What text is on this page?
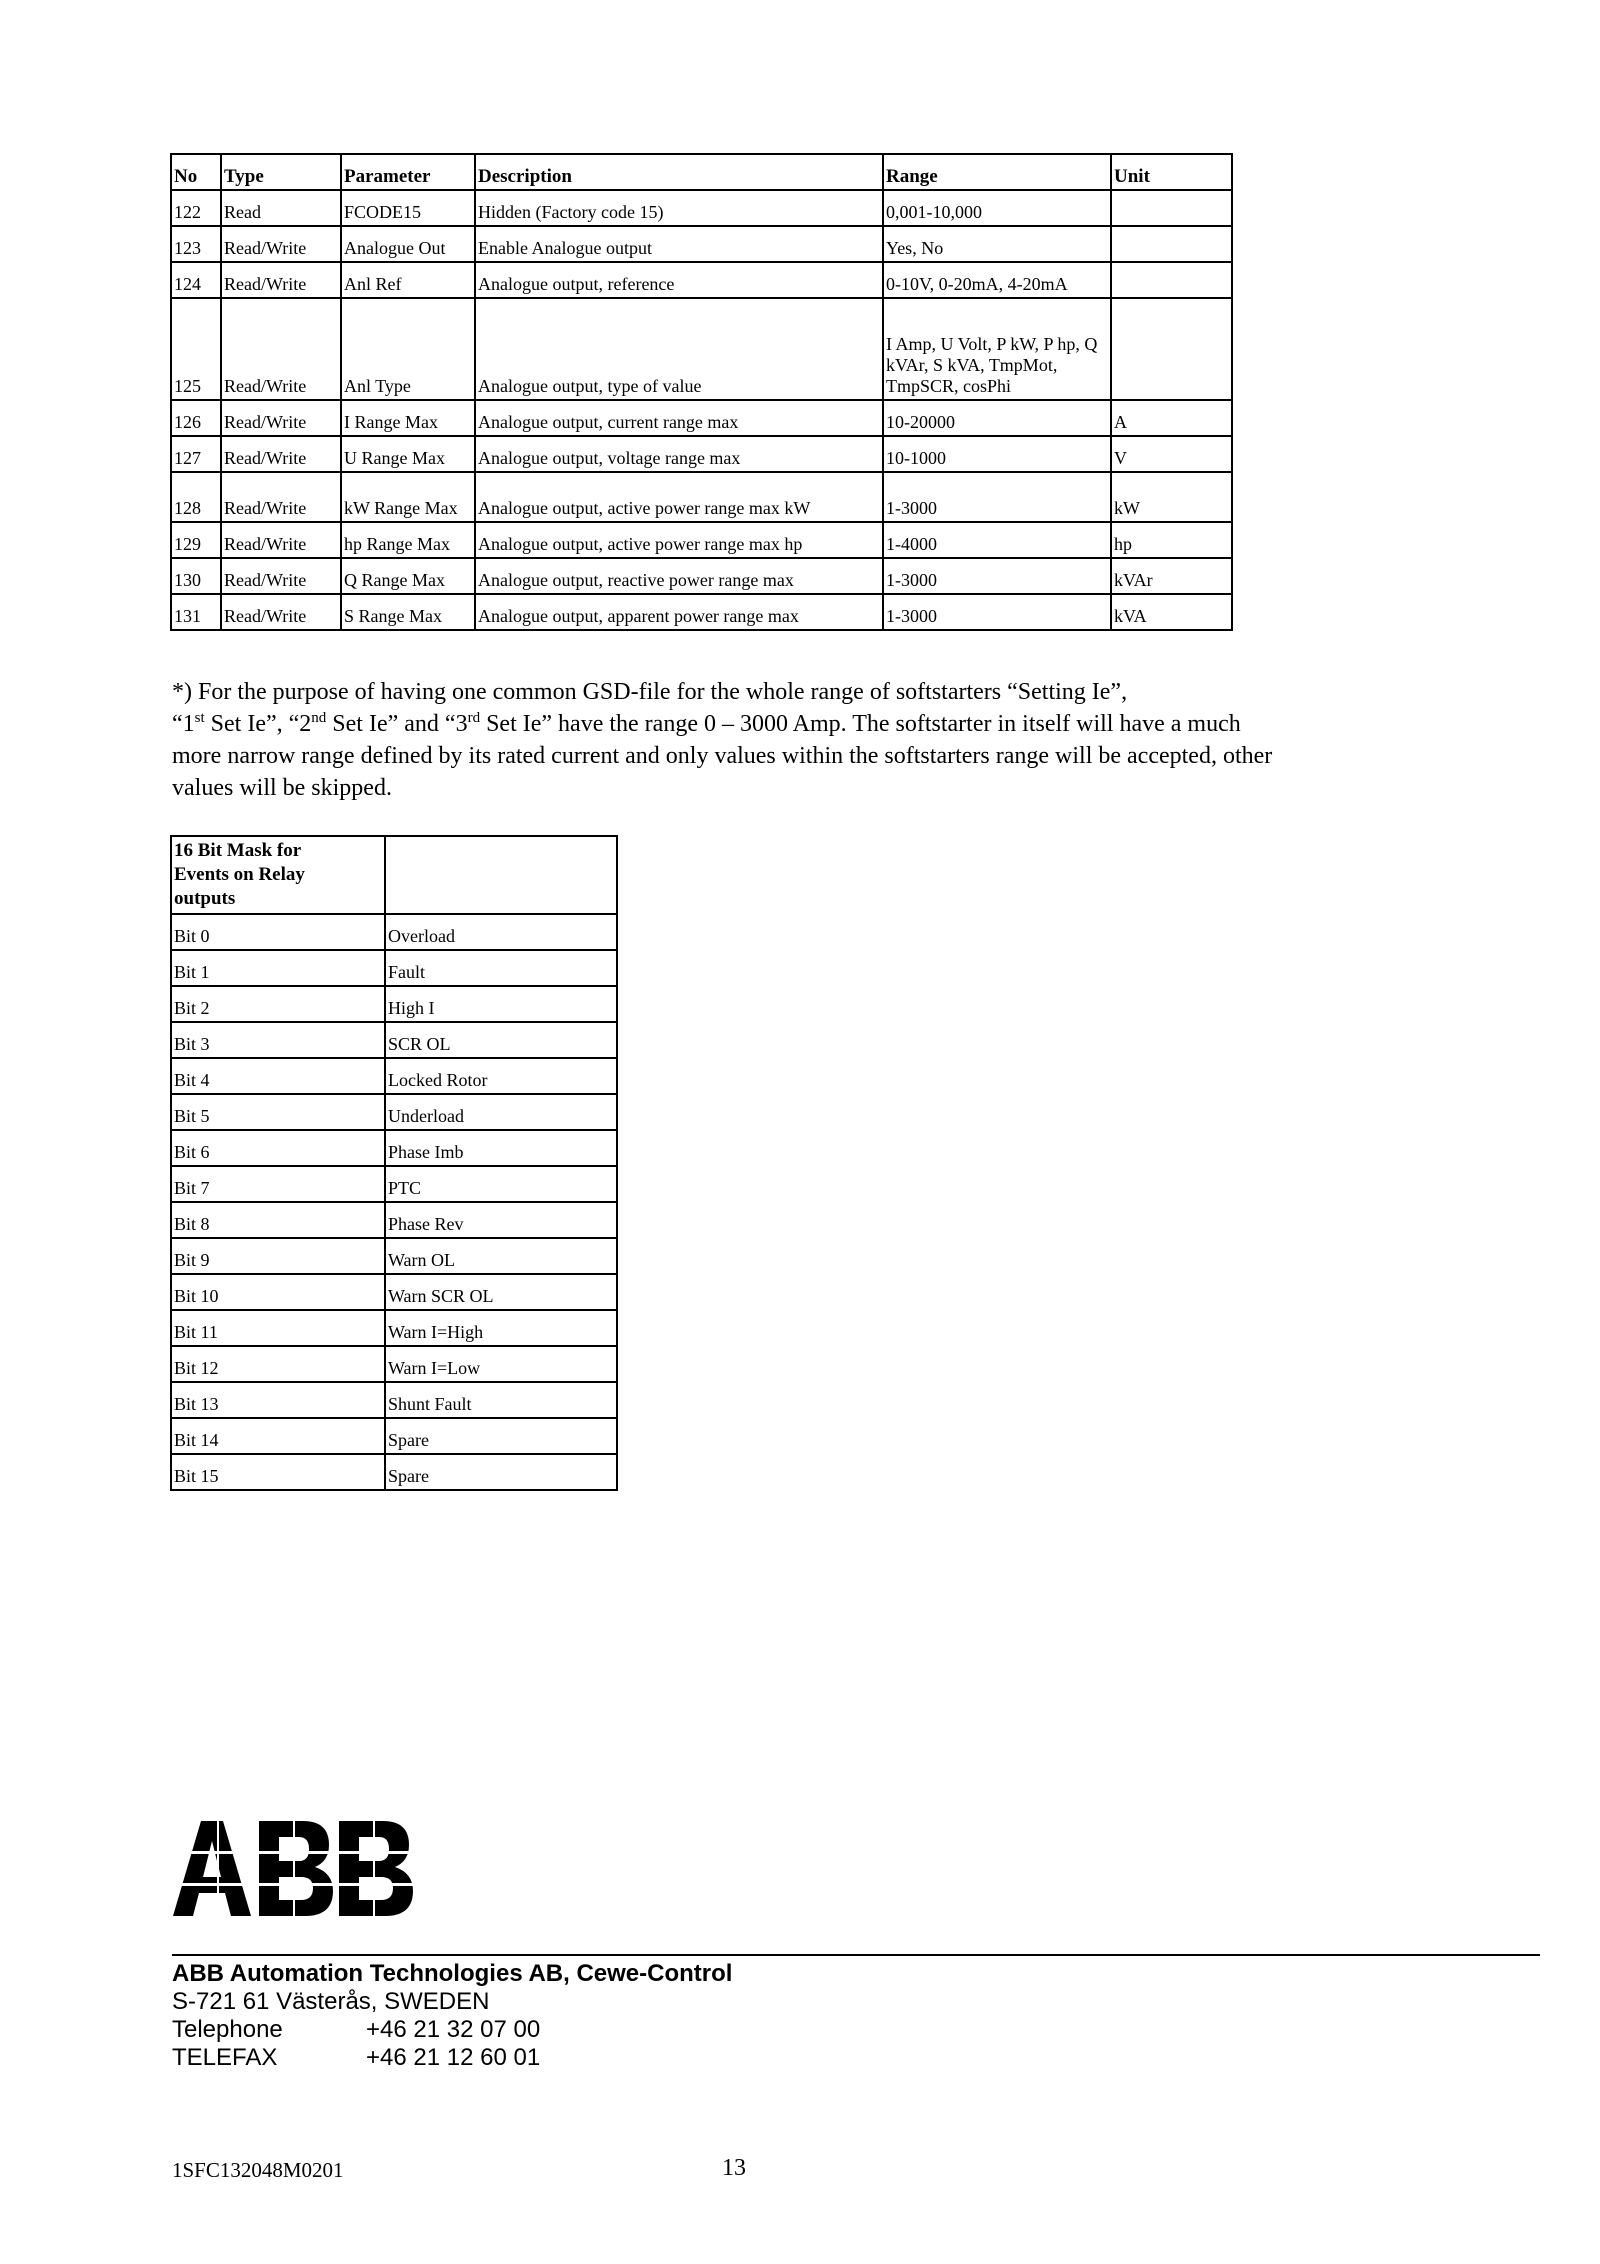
No	Type	Parameter	Description	Range	Unit
122	Read	FCODE15	Hidden (Factory code 15)	0,001-10,000	
123	Read/Write	Analogue Out	Enable Analogue output	Yes, No	
124	Read/Write	Anl Ref	Analogue output, reference	0-10V, 0-20mA, 4-20mA	
125	Read/Write	Anl Type	Analogue output, type of value	I Amp, U Volt, P kW, P hp, Q kVAr, S kVA, TmpMot, TmpSCR, cosPhi	
126	Read/Write	I Range Max	Analogue output, current range max	10-20000	A
127	Read/Write	U Range Max	Analogue output, voltage range max	10-1000	V
128	Read/Write	kW Range Max	Analogue output, active power range max kW	1-3000	kW
129	Read/Write	hp Range Max	Analogue output, active power range max hp	1-4000	hp
130	Read/Write	Q Range Max	Analogue output, reactive power range max	1-3000	kVAr
131	Read/Write	S Range Max	Analogue output, apparent power range max	1-3000	kVA

*) For the purpose of having one common GSD-file for the whole range of softstarters “Setting Ie”,

“1st Set Ie”, “2nd Set Ie” and “3rd Set Ie” have the range 0 – 3000 Amp. The softstarter in itself will have a much

more narrow range defined by its rated current and only values within the softstarters range will be accepted, other

values will be skipped.

16 Bit Mask for
Events on Relay
outputs	

Bit 0	Overload
Bit 1	Fault
Bit 2	High I
Bit 3	SCR OL
Bit 4	Locked Rotor
Bit 5	Underload
Bit 6	Phase Imb
Bit 7	PTC
Bit 8	Phase Rev
Bit 9	Warn OL
Bit 10	Warn SCR OL
Bit 11	Warn I=High
Bit 12	Warn I=Low
Bit 13	Shunt Fault
Bit 14	Spare
Bit 15	Spare
ABB
ABB Automation Technologies AB, Cewe-Control
S-721 61 Västerås, SWEDEN
Telephone	+46 21 32 07 00
TELEFAX	+46 21 12 60 01
1SFC132048M0201	13
